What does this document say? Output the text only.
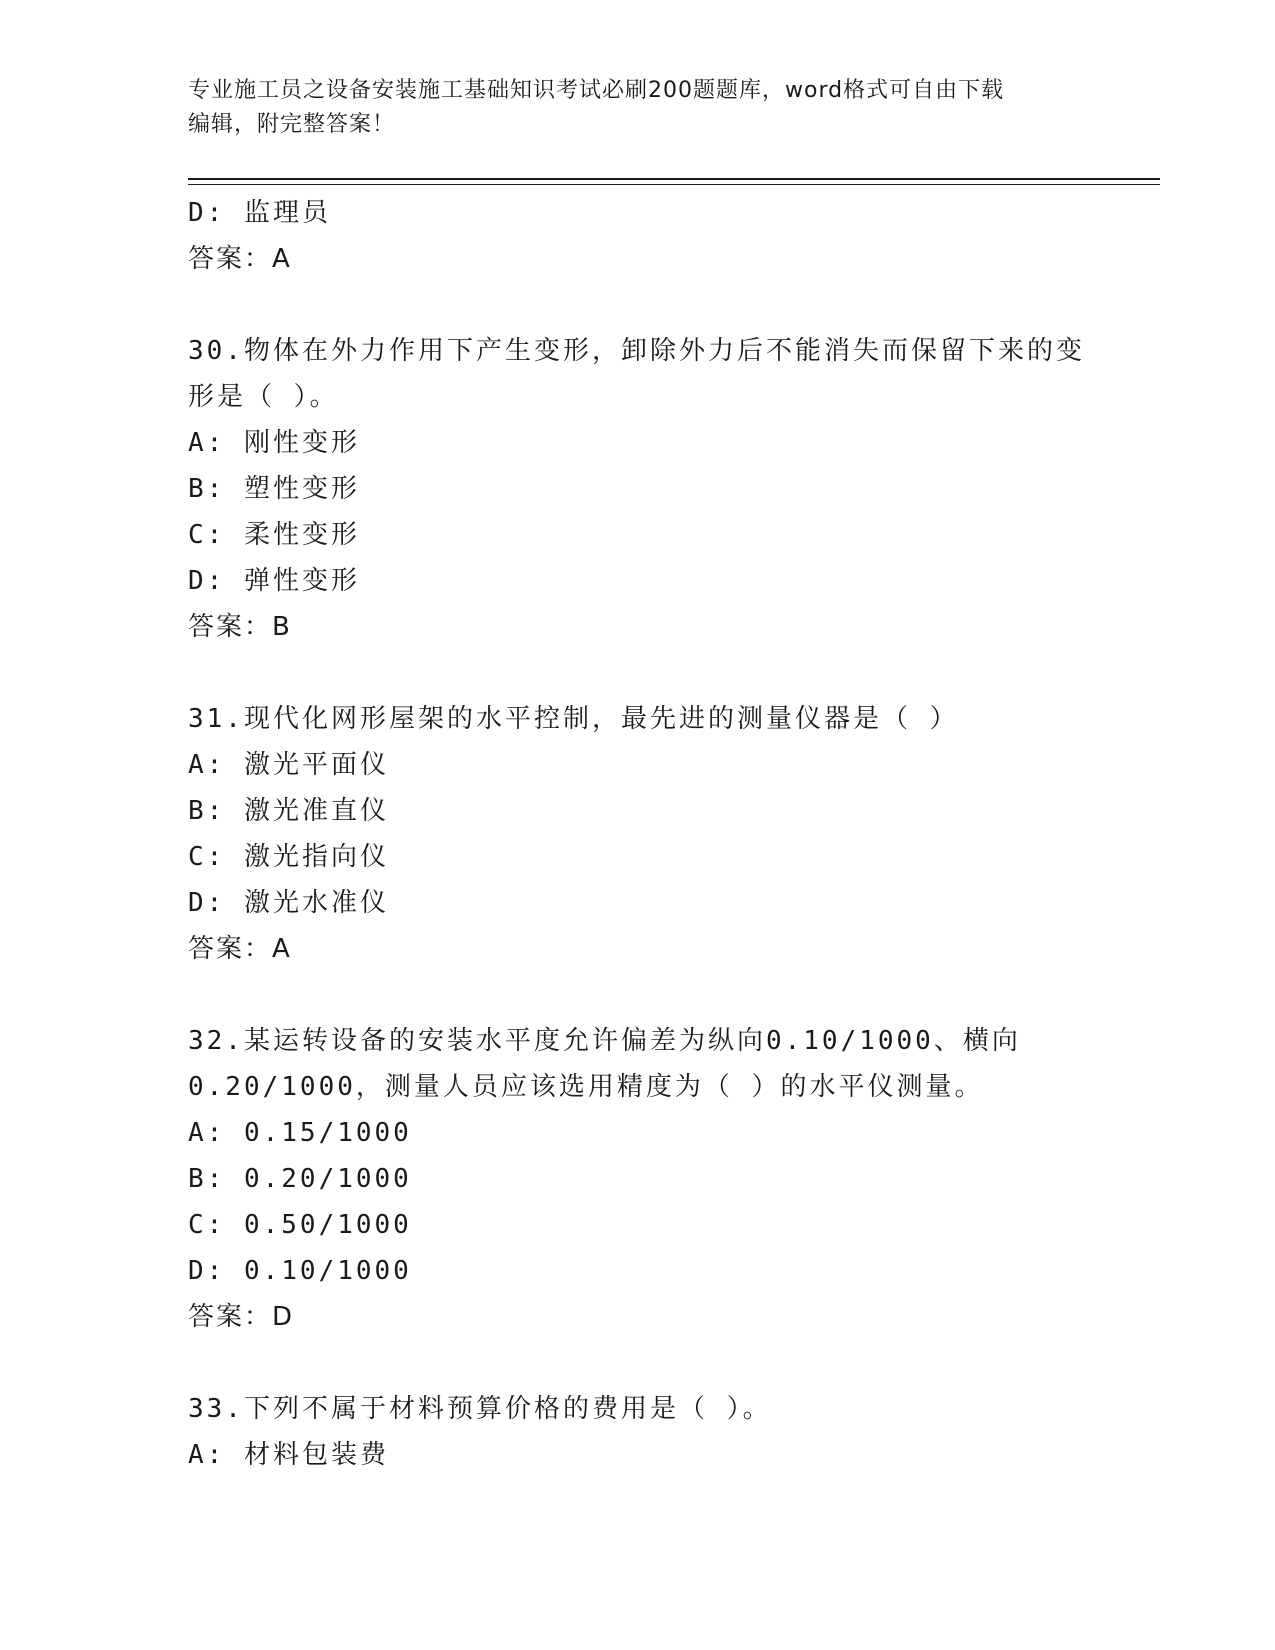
专业施工员之设备安装施工基础知识考试必刷200题题库，word格式可自由下载
编辑，附完整答案！
D: 监理员
答案：A
30.物体在外力作用下产生变形，卸除外力后不能消失而保留下来的变
形是（ ）。
A: 刚性变形
B: 塑性变形
C: 柔性变形
D: 弹性变形
答案：B
31.现代化网形屋架的水平控制，最先进的测量仪器是（ ）
A: 激光平面仪
B: 激光准直仪
C: 激光指向仪
D: 激光水准仪
答案：A
32.某运转设备的安装水平度允许偏差为纵向0.10/1000、横向
0.20/1000，测量人员应该选用精度为（ ）的水平仪测量。
A: 0.15/1000
B: 0.20/1000
C: 0.50/1000
D: 0.10/1000
答案：D
33.下列不属于材料预算价格的费用是（ ）。
A: 材料包装费
